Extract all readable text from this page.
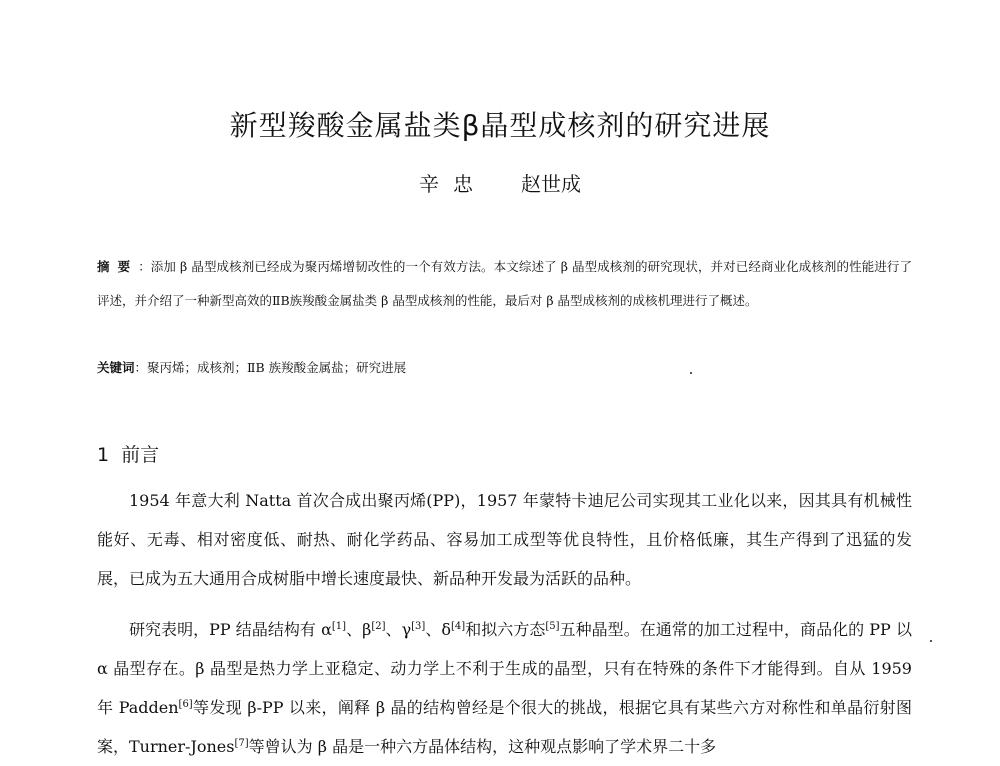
新型羧酸金属盐类β晶型成核剂的研究进展
辛忠 赵世成
摘要：添加 β 晶型成核剂已经成为聚丙烯增韧改性的一个有效方法。本文综述了 β 晶型成核剂的研究现状，并对已经商业化成核剂的性能进行了评述，并介绍了一种新型高效的ⅡB族羧酸金属盐类 β 晶型成核剂的性能，最后对 β 晶型成核剂的成核机理进行了概述。
关键词：聚丙烯；成核剂；ⅡB 族羧酸金属盐；研究进展
1 前言
1954 年意大利 Natta 首次合成出聚丙烯(PP)，1957 年蒙特卡迪尼公司实现其工业化以来，因其具有机械性能好、无毒、相对密度低、耐热、耐化学药品、容易加工成型等优良特性，且价格低廉，其生产得到了迅猛的发展，已成为五大通用合成树脂中增长速度最快、新品种开发最为活跃的品种。
研究表明，PP 结晶结构有 α[1]、β[2]、γ[3]、δ[4]和拟六方态[5]五种晶型。在通常的加工过程中，商品化的 PP 以 α 晶型存在。β 晶型是热力学上亚稳定、动力学上不利于生成的晶型，只有在特殊的条件下才能得到。自从 1959 年 Padden[6]等发现 β-PP 以来，阐释 β 晶的结构曾经是个很大的挑战，根据它具有某些六方对称性和单晶衍射图案，Turner-Jones[7]等曾认为 β 晶是一种六方晶体结构，这种观点影响了学术界二十多
